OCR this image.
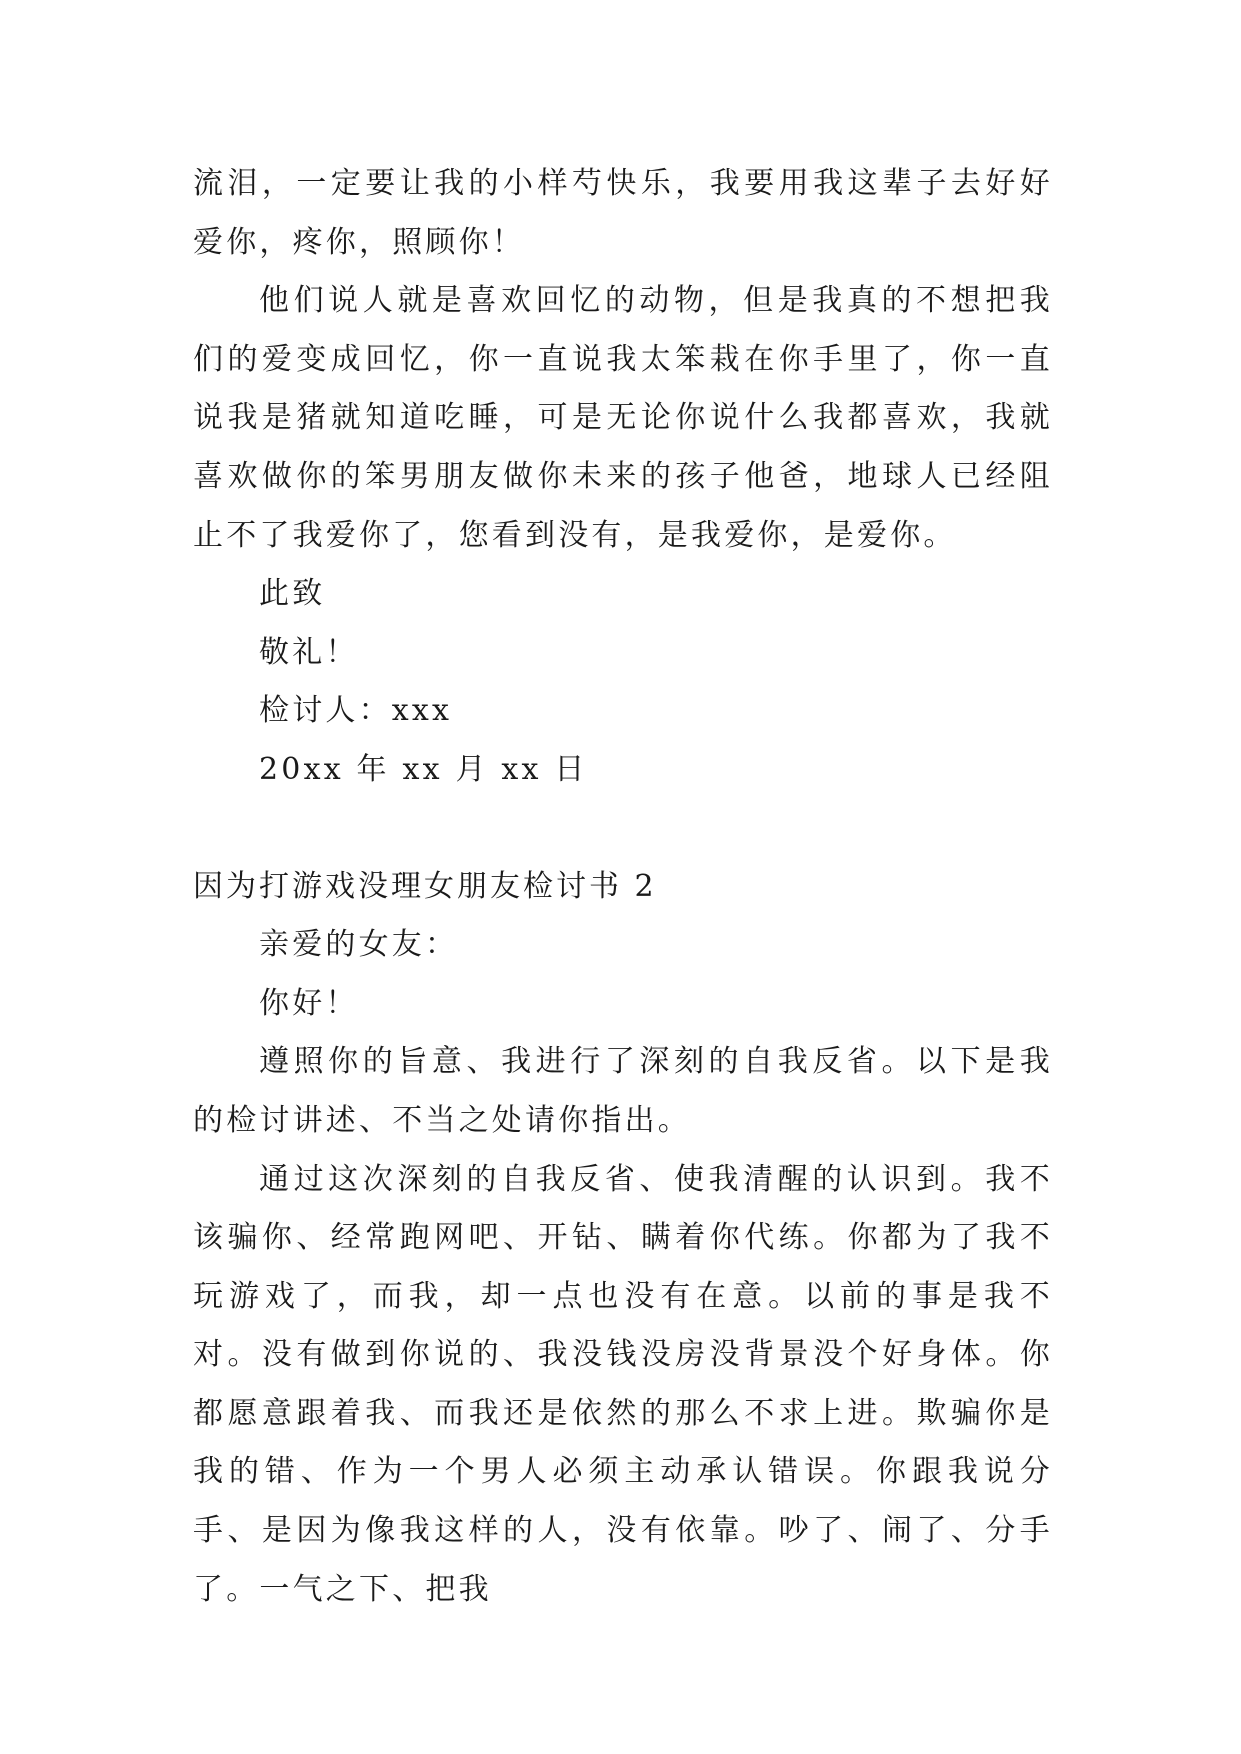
流泪，一定要让我的小样芍快乐，我要用我这辈子去好好爱你，疼你，照顾你！

他们说人就是喜欢回忆的动物，但是我真的不想把我们的爱变成回忆，你一直说我太笨栽在你手里了，你一直说我是猪就知道吃睡，可是无论你说什么我都喜欢，我就喜欢做你的笨男朋友做你未来的孩子他爸，地球人已经阻止不了我爱你了，您看到没有，是我爱你，是爱你。

此致

敬礼！

检讨人：xxx

20xx 年 xx 月 xx 日

因为打游戏没理女朋友检讨书 2

亲爱的女友：

你好！

遵照你的旨意、我进行了深刻的自我反省。以下是我的检讨讲述、不当之处请你指出。

通过这次深刻的自我反省、使我清醒的认识到。我不该骗你、经常跑网吧、开钻、瞒着你代练。你都为了我不玩游戏了，而我，却一点也没有在意。以前的事是我不对。没有做到你说的、我没钱没房没背景没个好身体。你都愿意跟着我、而我还是依然的那么不求上进。欺骗你是我的错、作为一个男人必须主动承认错误。你跟我说分手、是因为像我这样的人，没有依靠。吵了、闹了、分手了。一气之下、把我
